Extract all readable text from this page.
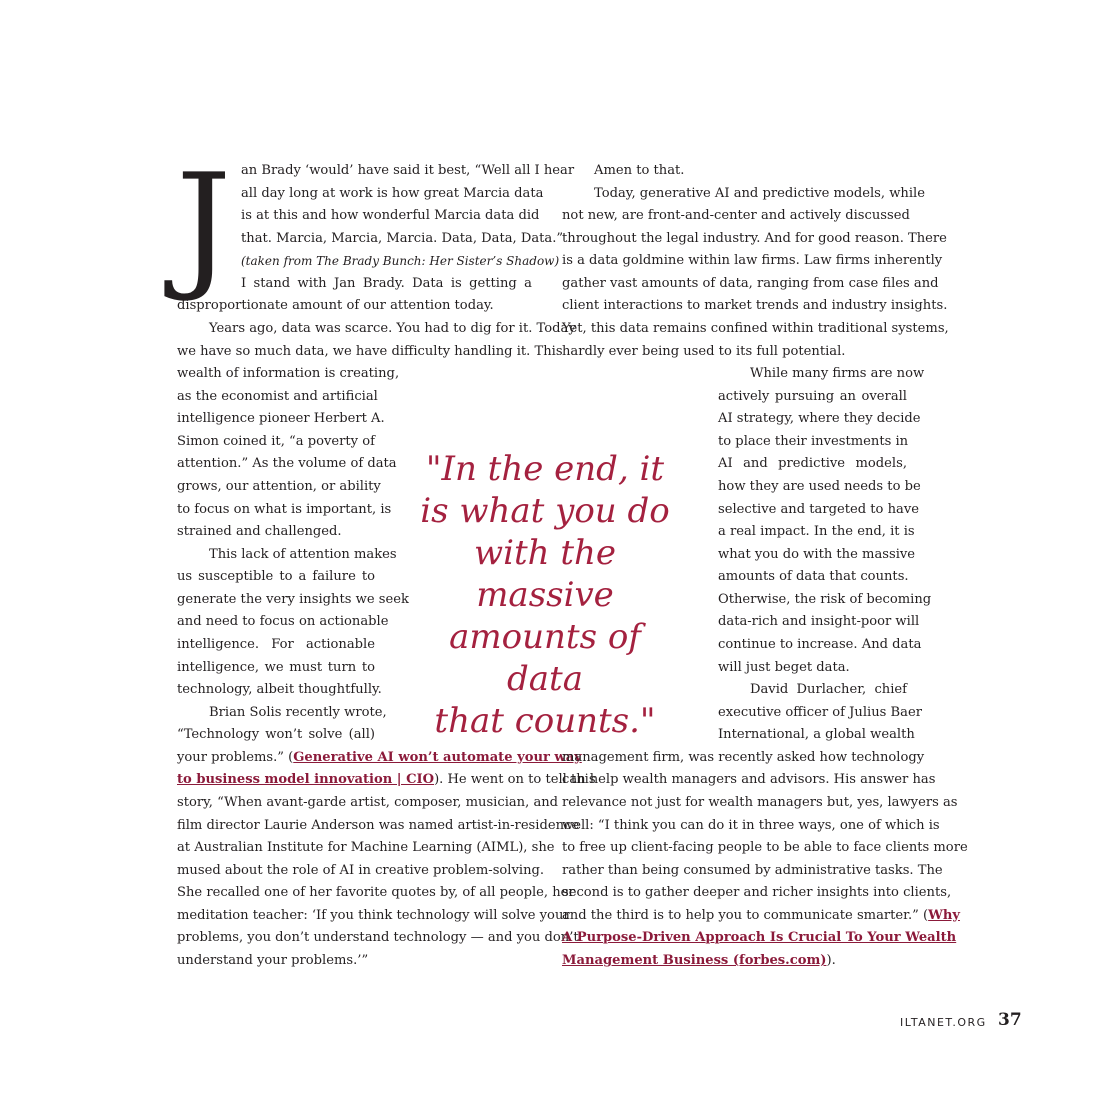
J an Brady ‘would’ have said it best, “Well all I hear
all day long at work is how great Marcia data
is at this and how wonderful Marcia data did
that. Marcia, Marcia, Marcia. Data, Data, Data.”
(taken from The Brady Bunch: Her Sister’s Shadow)
I stand with Jan Brady. Data is getting a
disproportionate amount of our attention today.
Years ago, data was scarce. You had to dig for it. Today
we have so much data, we have difficulty handling it. This
wealth of information is creating,
as the economist and artificial
intelligence pioneer Herbert A.
Simon coined it, “a poverty of
attention.” As the volume of data
grows, our attention, or ability
to focus on what is important, is
strained and challenged.
This lack of attention makes
us susceptible to a failure to
generate the very insights we seek
and need to focus on actionable
intelligence. For actionable
intelligence, we must turn to
technology, albeit thoughtfully.
Brian Solis recently wrote,
“Technology won’t solve (all)
your problems.” (Generative AI won’t automate your way
to business model innovation | CIO). He went on to tell this
story, “When avant-garde artist, composer, musician, and
film director Laurie Anderson was named artist-in-residence
at Australian Institute for Machine Learning (AIML), she
mused about the role of AI in creative problem-solving.
She recalled one of her favorite quotes by, of all people, her
meditation teacher: ‘If you think technology will solve your
problems, you don’t understand technology — and you don’t
understand your problems.’”
"In the end, it
is what you do
with the massive
amounts of data
that counts."
Amen to that.
Today, generative AI and predictive models, while
not new, are front-and-center and actively discussed
throughout the legal industry. And for good reason. There
is a data goldmine within law firms. Law firms inherently
gather vast amounts of data, ranging from case files and
client interactions to market trends and industry insights.
Yet, this data remains confined within traditional systems,
hardly ever being used to its full potential.
While many firms are now
actively pursuing an overall
AI strategy, where they decide
to place their investments in
AI and predictive models,
how they are used needs to be
selective and targeted to have
a real impact. In the end, it is
what you do with the massive
amounts of data that counts.
Otherwise, the risk of becoming
data-rich and insight-poor will
continue to increase. And data
will just beget data.
David Durlacher, chief
executive officer of Julius Baer
International, a global wealth
management firm, was recently asked how technology
can help wealth managers and advisors. His answer has
relevance not just for wealth managers but, yes, lawyers as
well: “I think you can do it in three ways, one of which is
to free up client-facing people to be able to face clients more
rather than being consumed by administrative tasks. The
second is to gather deeper and richer insights into clients,
and the third is to help you to communicate smarter.” (Why
A Purpose-Driven Approach Is Crucial To Your Wealth
Management Business (forbes.com)).
ILTANET.ORG 37
